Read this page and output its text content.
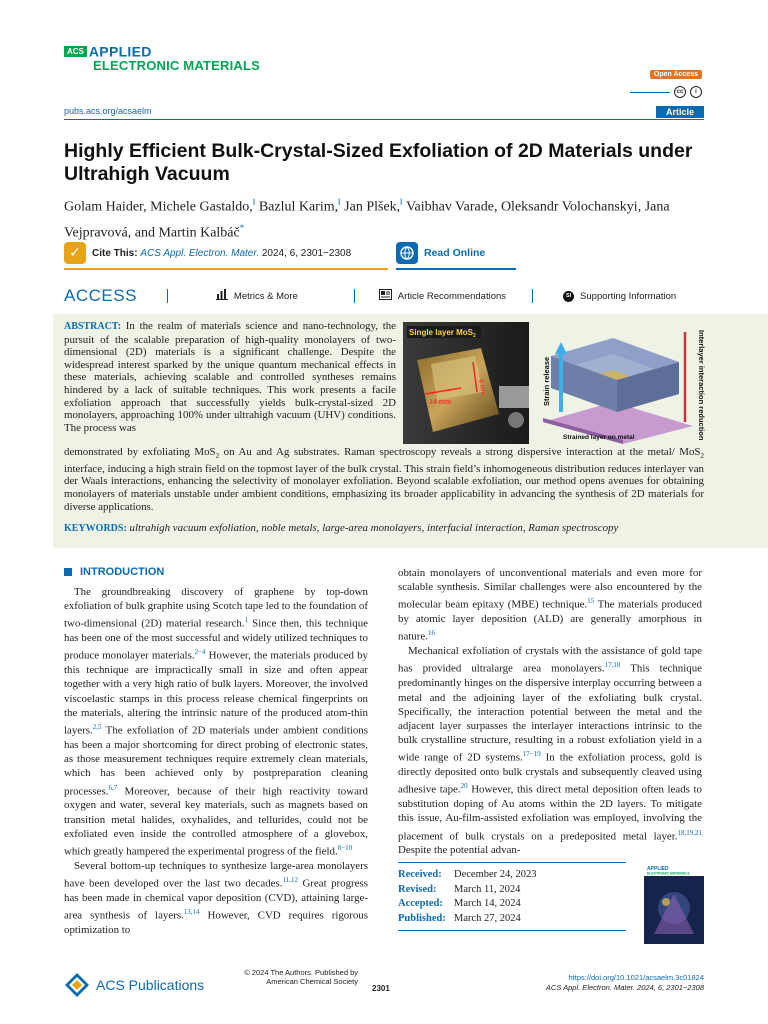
ACS APPLIED
ELECTRONIC MATERIALS
Open Access
cc	i
pubs.acs.org/acsaelm	Article
Highly Efficient Bulk-Crystal-Sized Exfoliation of 2D Materials under Ultrahigh Vacuum

Golam Haider, Michele Gastaldo,‖ Bazlul Karim,‖ Jan Plšek,‖ Vaibhav Varade, Oleksandr Volochanskyi, Jana Vejpravová, and Martin Kalbáč*

✓	Cite This: ACS Appl. Electron. Mater. 2024, 6, 2301−2308	Read Online
ACCESS	Metrics & More	Article Recommendations	SI Supporting Information

ABSTRACT: In the realm of materials science and nano-technology, the pursuit of the scalable preparation of high-quality monolayers of two-dimensional (2D) materials is a significant challenge. Despite the widespread interest sparked by the unique quantum mechanical effects in these materials, achieving scalable and controlled syntheses remains hindered by a lack of suitable techniques. This work presents a facile exfoliation approach that successfully yields bulk-crystal-sized 2D monolayers, approaching 100% under ultrahigh vacuum (UHV) conditions. The process was

demonstrated by exfoliating MoS$_2$ on Au and Ag substrates. Raman spectroscopy reveals a strong dispersive interaction at the metal/ MoS$_2$ interface, inducing a high strain field on the topmost layer of the bulk crystal. This strain field’s inhomogeneous distribution reduces interlayer van der Waals interactions, enhancing the selectivity of monolayer exfoliation. Beyond scalable exfoliation, our method opens avenues for obtaining monolayers of materials unstable under ambient conditions, emphasizing its broader applicability in advancing the synthesis of 2D materials for diverse applications.

KEYWORDS: ultrahigh vacuum exfoliation, noble metals, large-area monolayers, interfacial interaction, Raman spectroscopy

14 mm
6 mm
Single layer MoS$_2$
Strain release
Strained layer on metal	Interlayer interaction reduction
INTRODUCTION

The groundbreaking discovery of graphene by top-down exfoliation of bulk graphite using Scotch tape led to the foundation of two-dimensional (2D) material research.$^1$ Since then, this technique has been one of the most successful and widely utilized techniques to produce monolayer materials.$^{2-4}$ However, the materials produced by this technique are impractically small in size and often appear together with a very high ratio of bulk layers. Moreover, the involved viscoelastic stamps in this process release chemical fingerprints on the materials, altering the intrinsic nature of the produced atom-thin layers.$^{2,5}$ The exfoliation of 2D materials under ambient conditions has been a major shortcoming for direct probing of electronic states, as those measurement techniques require extremely clean materials, which has been achieved only by postpreparation cleaning processes.$^{6,7}$ Moreover, because of their high reactivity toward oxygen and water, several key materials, such as magnets based on transition metal halides, oxyhalides, and tellurides, could not be exfoliated even inside the controlled atmosphere of a glovebox, which greatly hampered the experimental progress of the field.$^{8-10}$

Several bottom-up techniques to synthesize large-area monolayers have been developed over the last two decades.$^{11,12}$ Great progress has been made in chemical vapor deposition (CVD), attaining large-area synthesis of layers.$^{13,14}$ However, CVD requires rigorous optimization to

obtain monolayers of unconventional materials and even more for scalable synthesis. Similar challenges were also encountered by the molecular beam epitaxy (MBE) technique.$^{15}$ The materials produced by atomic layer deposition (ALD) are generally amorphous in nature.$^{16}$

Mechanical exfoliation of crystals with the assistance of gold tape has provided ultralarge area monolayers.$^{17,18}$ This technique predominantly hinges on the dispersive interplay occurring between a metal and the adjoining layer of the exfoliating bulk crystal. Specifically, the interaction potential between the metal and the adjacent layer surpasses the interlayer interactions intrinsic to the bulk crystalline structure, resulting in a robust exfoliation yield in a wide range of 2D systems.$^{17-19}$ In the exfoliation process, gold is directly deposited onto bulk crystals and subsequently cleaved using adhesive tape.$^{20}$ However, this direct metal deposition often leads to substitution doping of Au atoms within the 2D layers. To mitigate this issue, Au-film-assisted exfoliation was employed, involving the placement of bulk crystals on a predeposited metal layer.$^{18,19,21}$ Despite the potential advan-

Received:	December 24, 2023
Revised:	March 11, 2024
Accepted:	March 14, 2024
Published: March 27, 2024
APPLIED
ELECTRONIC MATERIALS
ACS Publications
© 2024 The Authors. Published by
American Chemical Society
2301
https://doi.org/10.1021/acsaelm.3c01824
ACS Appl. Electron. Mater. 2024, 6, 2301−2308
